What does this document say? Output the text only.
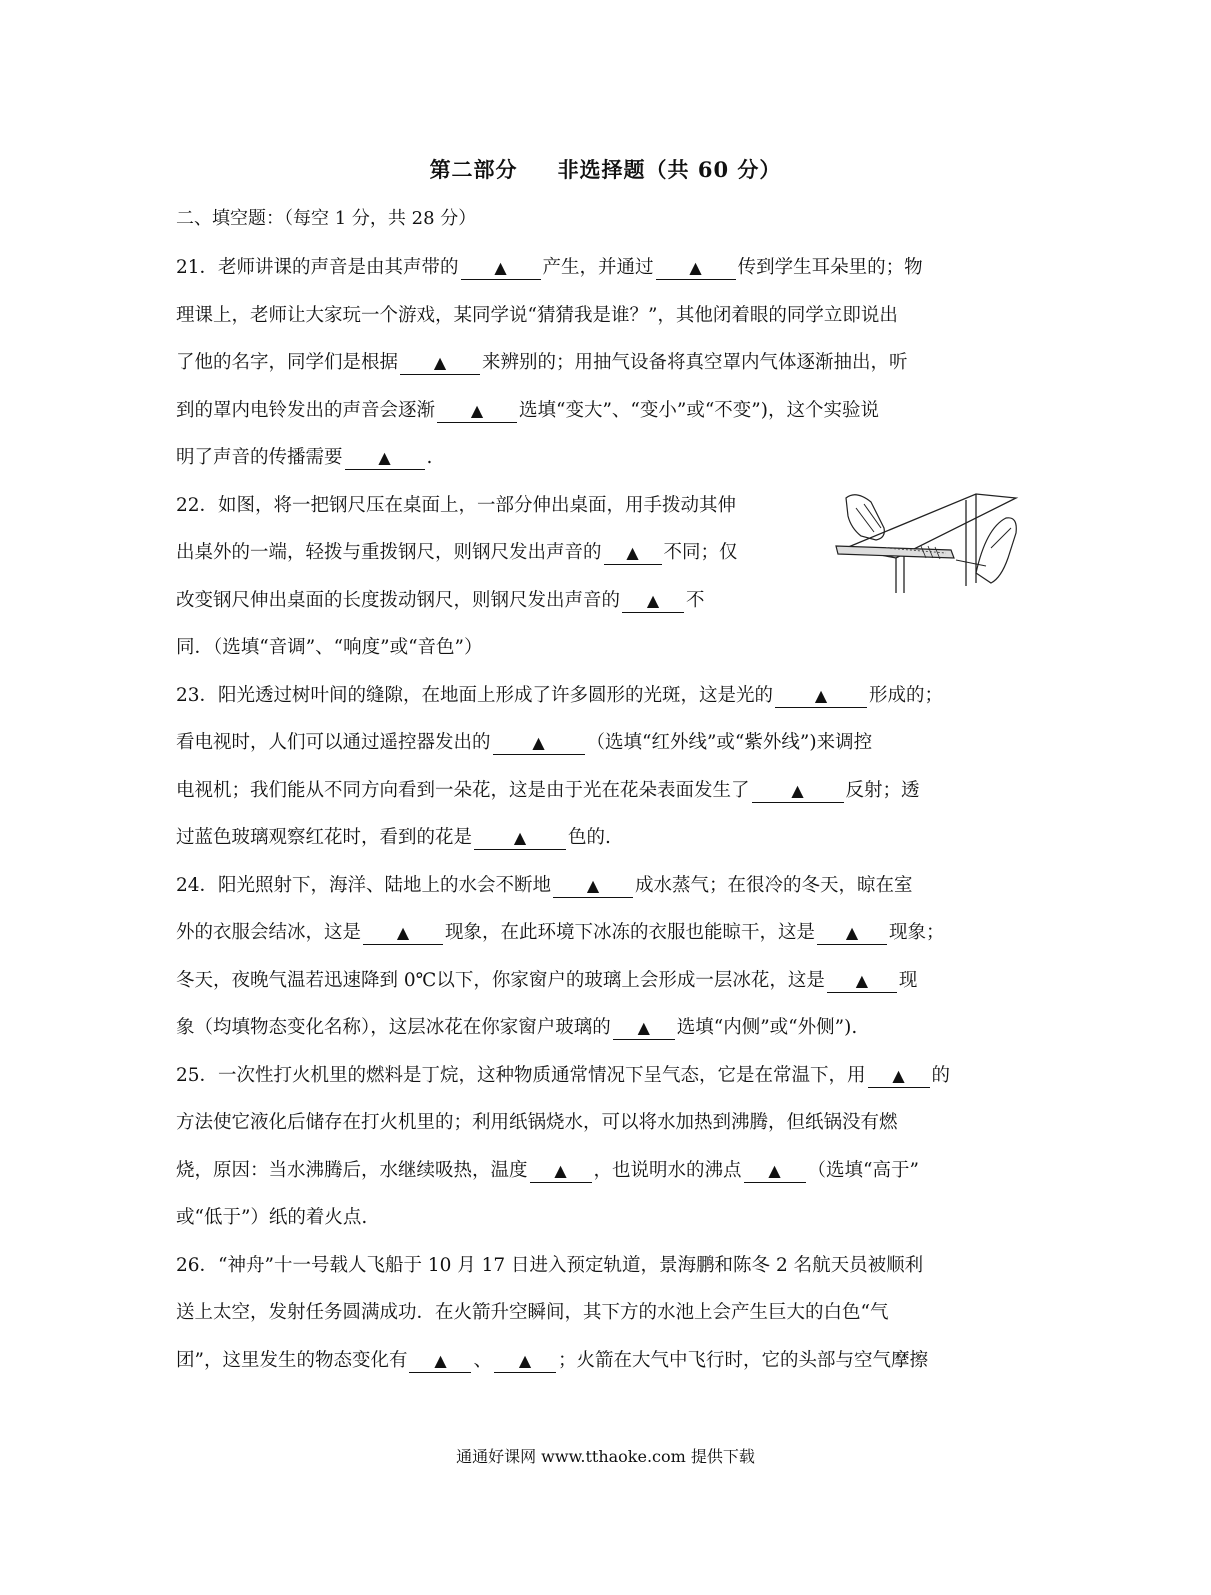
第二部分 非选择题（共 60 分）
二、填空题：（每空 1 分，共 28 分）
21．老师讲课的声音是由其声带的 ▲ 产生，并通过 ▲ 传到学生耳朵里的；物
理课上，老师让大家玩一个游戏，某同学说“猜猜我是谁？”，其他闭着眼的同学立即说出
了他的名字，同学们是根据 ▲ 来辨别的；用抽气设备将真空罩内气体逐渐抽出，听
到的罩内电铃发出的声音会逐渐 ▲ 选填“变大”、“变小”或“不变”)，这个实验说
明了声音的传播需要 ▲ .
22．如图，将一把钢尺压在桌面上，一部分伸出桌面，用手拨动其伸
出桌外的一端，轻拨与重拨钢尺，则钢尺发出声音的 ▲ 不同；仅
改变钢尺伸出桌面的长度拨动钢尺，则钢尺发出声音的 ▲ 不
同．（选填“音调”、“响度”或“音色”）
23．阳光透过树叶间的缝隙，在地面上形成了许多圆形的光斑，这是光的	▲ 形成的；
看电视时，人们可以通过遥控器发出的	▲ （选填“红外线”或“紫外线”)来调控
电视机；我们能从不同方向看到一朵花，这是由于光在花朵表面发生了	▲ 反射；透
过蓝色玻璃观察红花时，看到的花是	▲ 色的.
24．阳光照射下，海洋、陆地上的水会不断地 ▲ 成水蒸气；在很冷的冬天，晾在室
外的衣服会结冰，这是 ▲ 现象，在此环境下冰冻的衣服也能晾干，这是 ▲ 现象；
冬天，夜晚气温若迅速降到 0℃以下，你家窗户的玻璃上会形成一层冰花，这是 ▲ 现
象（均填物态变化名称），这层冰花在你家窗户玻璃的 ▲ 选填“内侧”或“外侧”).
25．一次性打火机里的燃料是丁烷，这种物质通常情况下呈气态，它是在常温下，用 ▲ 的
方法使它液化后储存在打火机里的；利用纸锅烧水，可以将水加热到沸腾，但纸锅没有燃
烧，原因：当水沸腾后，水继续吸热，温度 ▲ ，也说明水的沸点 ▲ （选填“高于”
或“低于”）纸的着火点.
26．“神舟”十一号载人飞船于 10 月 17 日进入预定轨道，景海鹏和陈冬 2 名航天员被顺利
送上太空，发射任务圆满成功．在火箭升空瞬间，其下方的水池上会产生巨大的白色“气
团”，这里发生的物态变化有 ▲ 、 ▲ ；火箭在大气中飞行时，它的头部与空气摩擦
通通好课网 www.tthaoke.com 提供下载
